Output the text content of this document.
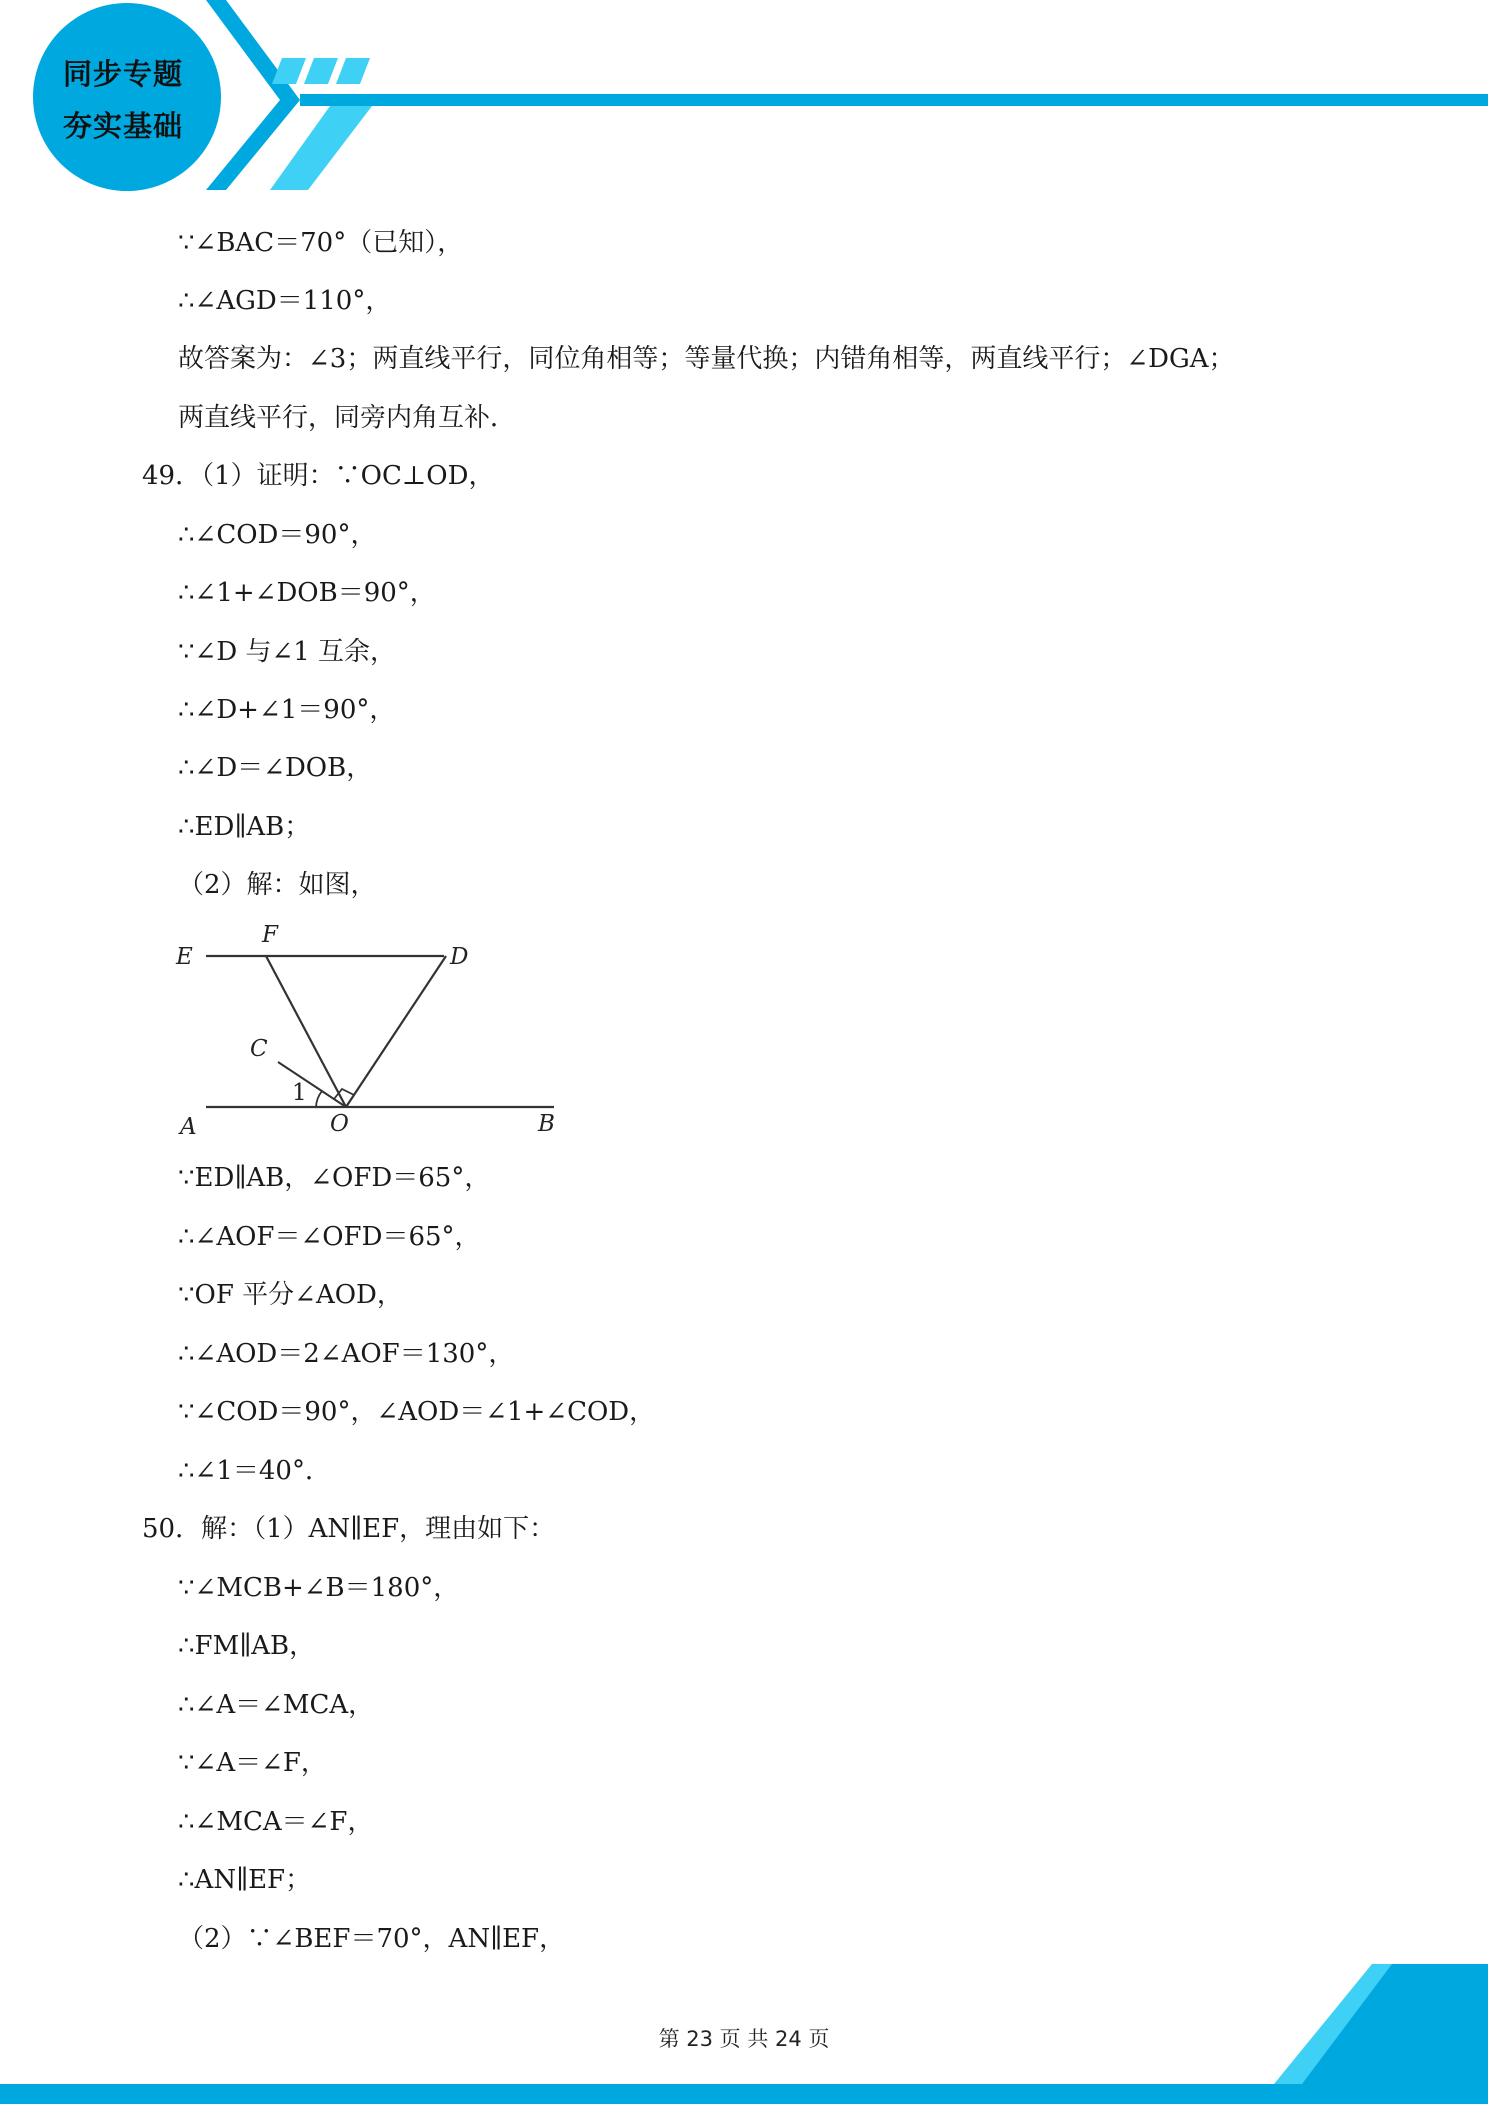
同步专题
夯实基础
∵∠BAC＝70°（已知），
∴∠AGD＝110°，
故答案为：∠3；两直线平行，同位角相等；等量代换；内错角相等，两直线平行；∠DGA；
两直线平行，同旁内角互补．
49．（1）证明：∵OC⊥OD，
∴∠COD＝90°，
∴∠1+∠DOB＝90°，
∵∠D 与∠1 互余，
∴∠D+∠1＝90°，
∴∠D＝∠DOB，
∴ED∥AB；
（2）解：如图，
E
F
D
C
1
A	O	B
∵ED∥AB，∠OFD＝65°，
∴∠AOF＝∠OFD＝65°，
∵OF 平分∠AOD，
∴∠AOD＝2∠AOF＝130°，
∵∠COD＝90°，∠AOD＝∠1+∠COD，
∴∠1＝40°．
50．解：（1）AN∥EF，理由如下：
∵∠MCB+∠B＝180°，
∴FM∥AB，
∴∠A＝∠MCA，
∵∠A＝∠F，
∴∠MCA＝∠F，
∴AN∥EF；
（2）∵∠BEF＝70°，AN∥EF，
第 23 页 共 24 页
